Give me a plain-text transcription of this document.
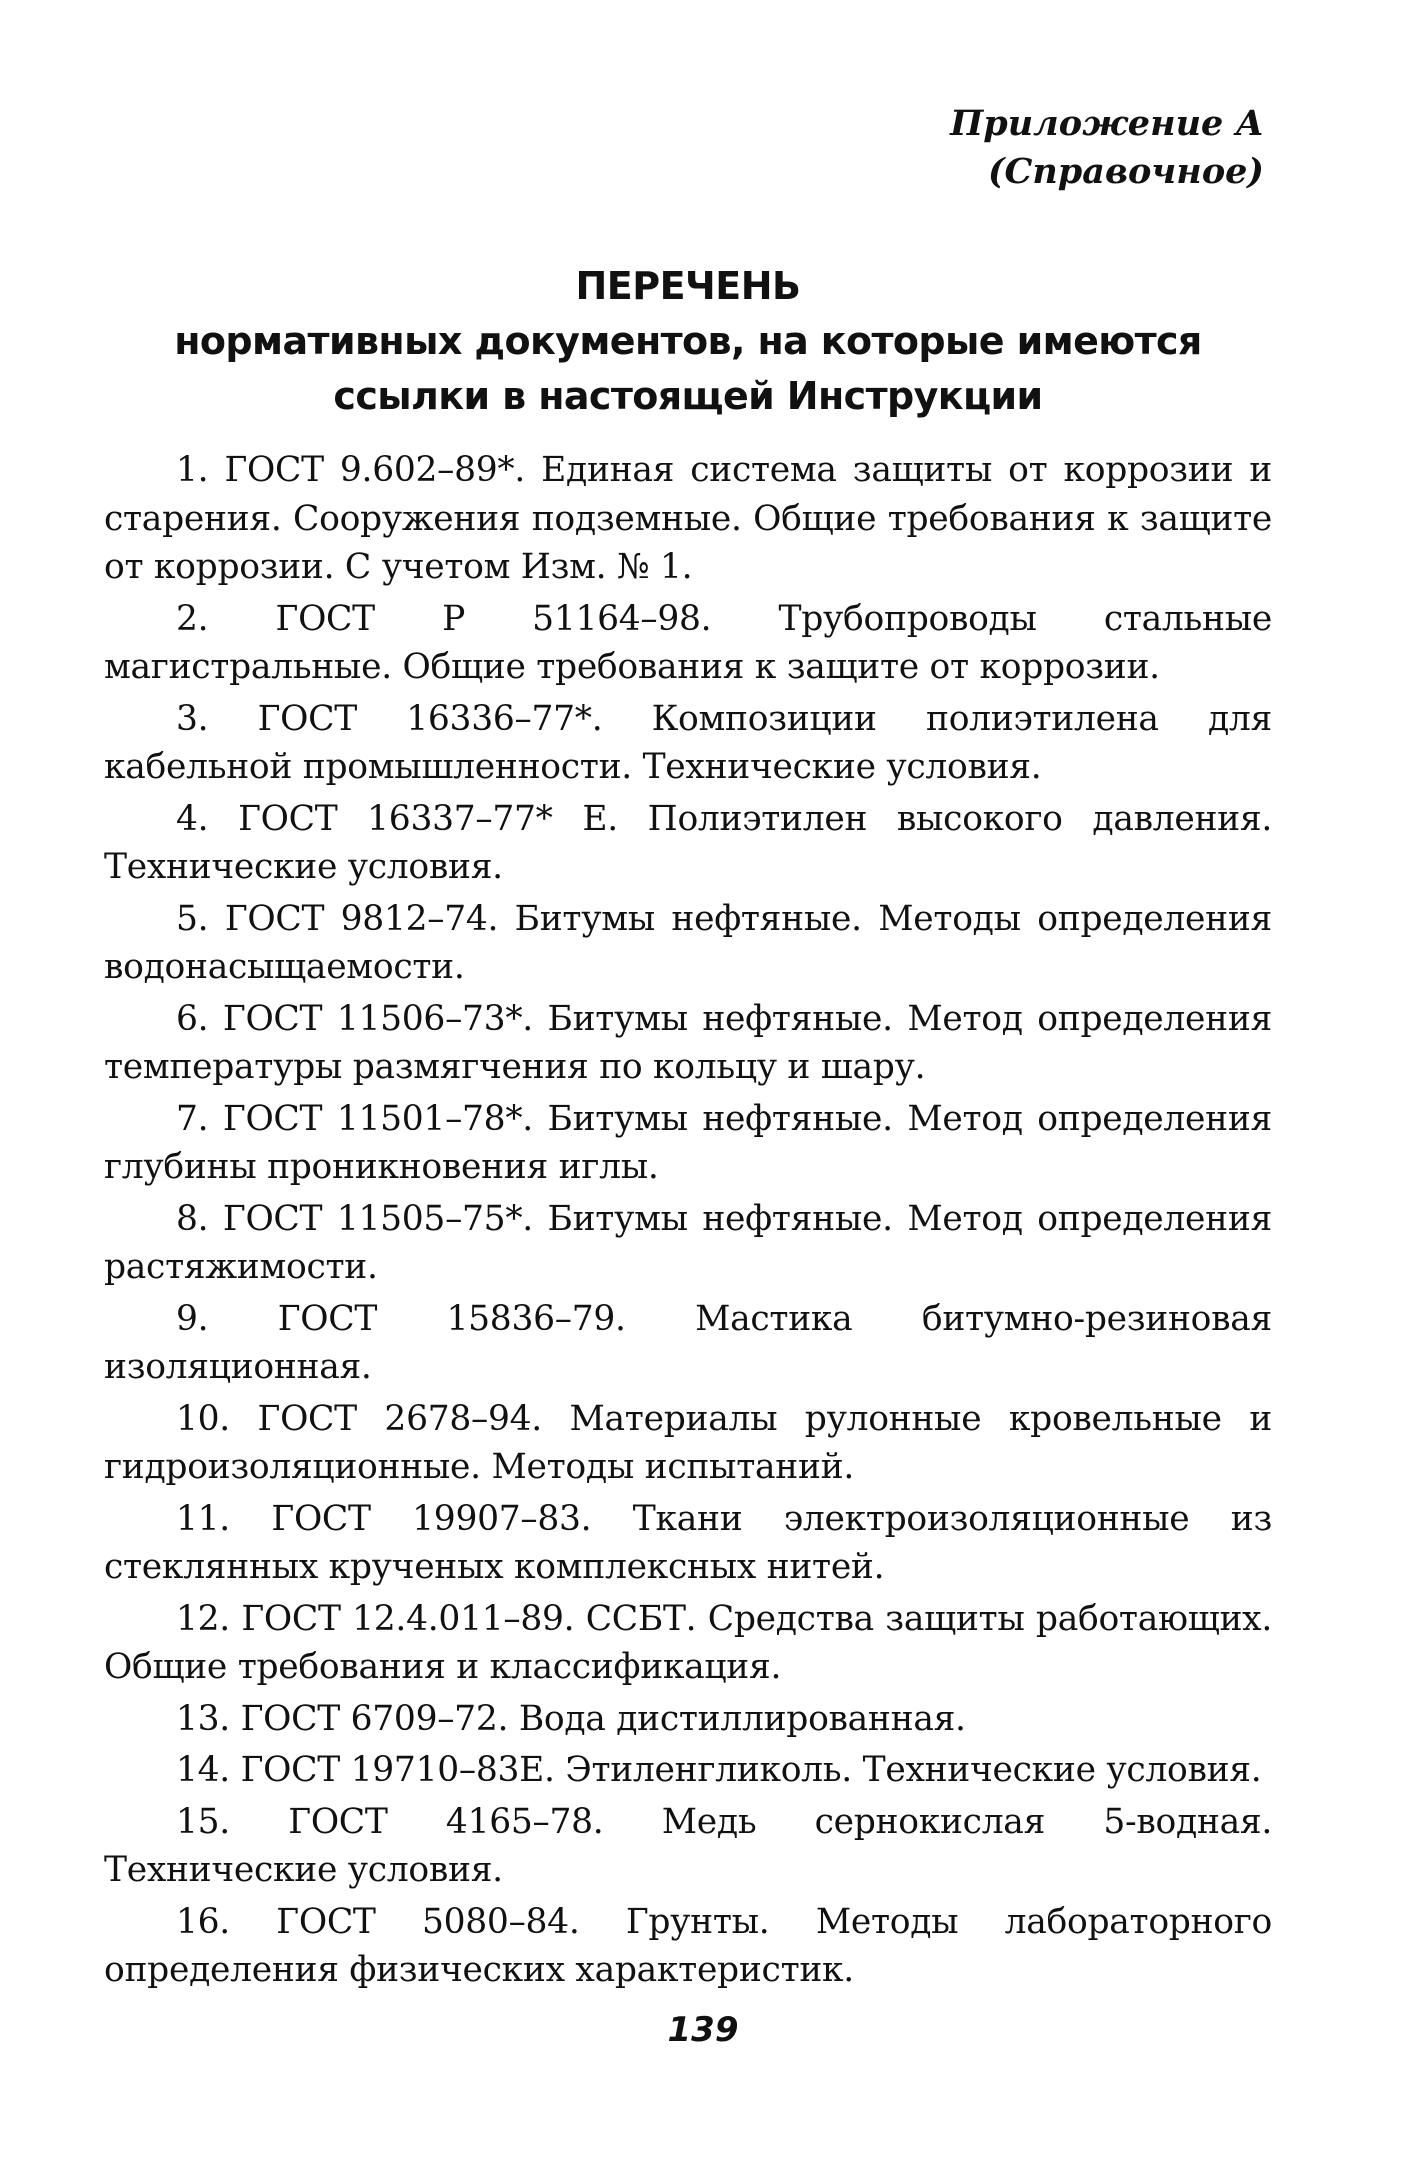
Приложение А
(Справочное)
ПЕРЕЧЕНЬ
нормативных документов, на которые имеются
ссылки в настоящей Инструкции

1. ГОСТ 9.602–89*. Единая система защиты от коррозии и старения. Сооружения подземные. Общие требования к защите от коррозии. С учетом Изм. № 1.

2. ГОСТ Р 51164–98. Трубопроводы стальные магистральные. Общие требования к защите от коррозии.

3. ГОСТ 16336–77*. Композиции полиэтилена для кабельной промышленности. Технические условия.

4. ГОСТ 16337–77* Е. Полиэтилен высокого давления. Технические условия.

5. ГОСТ 9812–74. Битумы нефтяные. Методы определения водонасыщаемости.

6. ГОСТ 11506–73*. Битумы нефтяные. Метод определения температуры размягчения по кольцу и шару.

7. ГОСТ 11501–78*. Битумы нефтяные. Метод определения глубины проникновения иглы.

8. ГОСТ 11505–75*. Битумы нефтяные. Метод определения растяжимости.

9. ГОСТ 15836–79. Мастика битумно-резиновая изоляционная.

10. ГОСТ 2678–94. Материалы рулонные кровельные и гидроизоляционные. Методы испытаний.

11. ГОСТ 19907–83. Ткани электроизоляционные из стеклянных крученых комплексных нитей.

12. ГОСТ 12.4.011–89. ССБТ. Средства защиты работающих. Общие требования и классификация.

13. ГОСТ 6709–72. Вода дистиллированная.

14. ГОСТ 19710–83Е. Этиленгликоль. Технические условия.

15. ГОСТ 4165–78. Медь сернокислая 5-водная. Технические условия.

16. ГОСТ 5080–84. Грунты. Методы лабораторного определения физических характеристик.

139
